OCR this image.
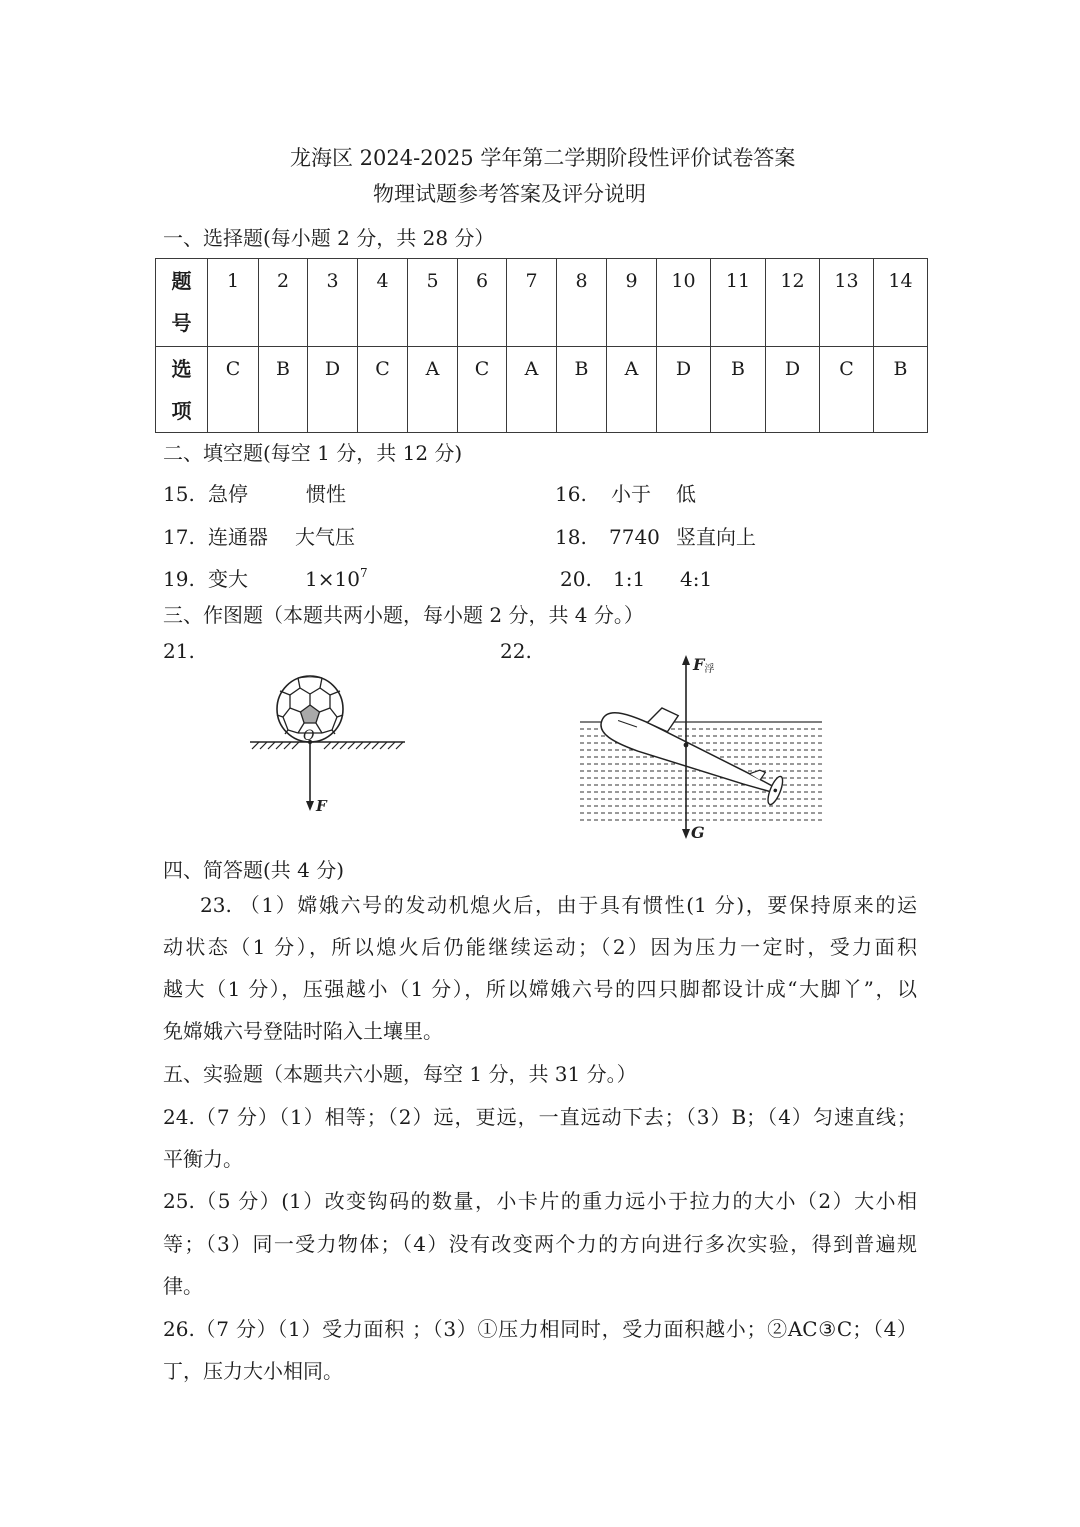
龙海区 2024-2025 学年第二学期阶段性评价试卷答案
物理试题参考答案及评分说明
一、选择题(每小题 2 分，共 28 分）
题
号	1	2	3	4	5	6	7	8	9	10	11	12	13	14

选
项	C	B	D	C	A	C	A	B	A	D	B	D	C	B
二、填空题(每空 1 分，共 12 分)
15. 急停	惯性	16. 小于 低
17. 连通器 大气压	18. 7740 竖直向上
19. 变大	$1\times 10^7$	20. 1:1 4:1
三、作图题（本题共两小题，每小题 2 分，共 4 分。）
21.	22.
O
F
F浮
G
四、简答题(共 4 分)
23. （1）嫦娥六号的发动机熄火后，由于具有惯性(1 分)，要保持原来的运
动状态（1 分），所以熄火后仍能继续运动；（2）因为压力一定时，受力面积
越大（1 分），压强越小（1 分），所以嫦娥六号的四只脚都设计成“大脚丫”，以
免嫦娥六号登陆时陷入土壤里。
五、实验题（本题共六小题，每空 1 分，共 31 分。）
24.（7 分）（1）相等；（2）远，更远，一直远动下去；（3）B；（4）匀速直线；
平衡力。
25.（5 分）(1）改变钩码的数量，小卡片的重力远小于拉力的大小（2）大小相
等；（3）同一受力物体；（4）没有改变两个力的方向进行多次实验，得到普遍规
律。
26.（7 分）（1）受力面积 ；（3）①压力相同时，受力面积越小；②AC③C；（4）
丁，压力大小相同。
